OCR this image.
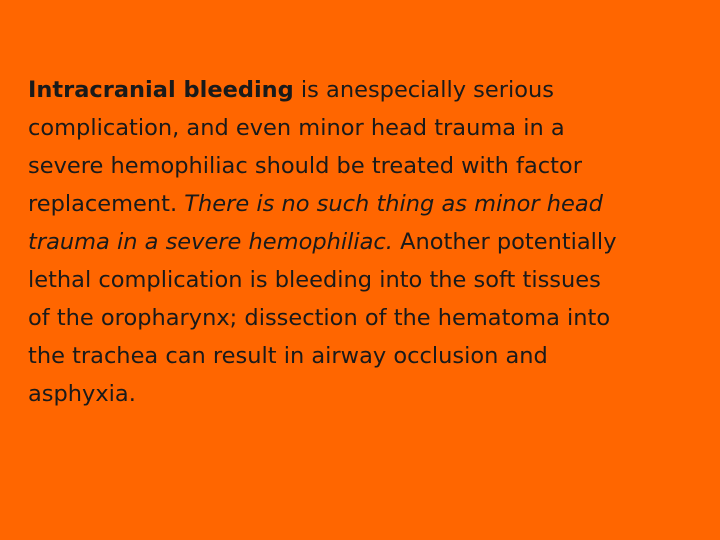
Intracranial bleeding is anespecially serious
complication, and even minor head trauma in a
severe hemophiliac should be treated with factor
replacement. There is no such thing as minor head
trauma in a severe hemophiliac. Another potentially
lethal complication is bleeding into the soft tissues
of the oropharynx; dissection of the hematoma into
the trachea can result in airway occlusion and
asphyxia.
